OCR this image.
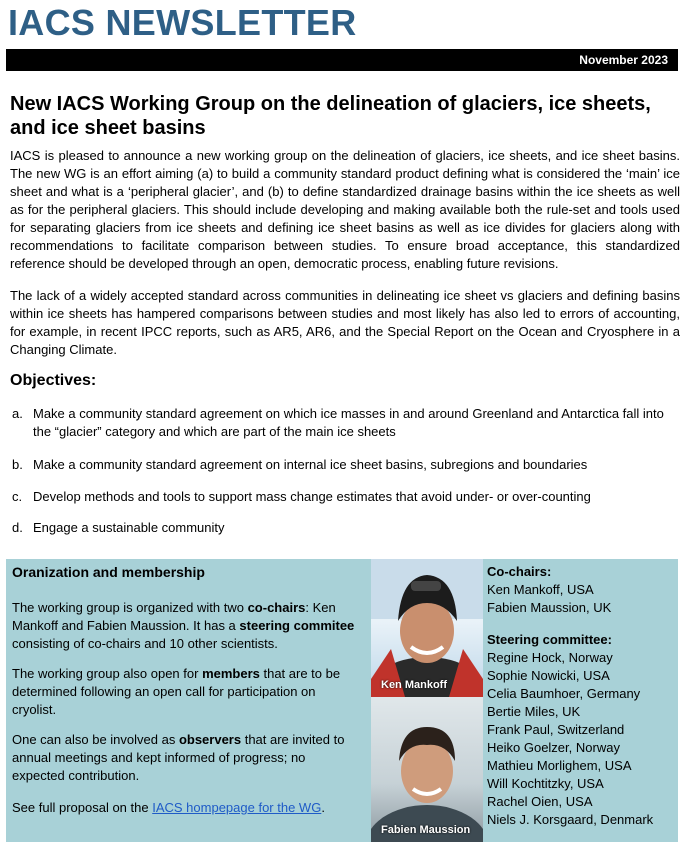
IACS NEWSLETTER
November 2023
New IACS Working Group on the delineation of glaciers, ice sheets, and ice sheet basins
IACS is pleased to announce a new working group on the delineation of glaciers, ice sheets, and ice sheet basins. The new WG is an effort aiming (a) to build a community standard product defining what is considered the ‘main’ ice sheet and what is a ‘peripheral glacier’, and (b) to define standardized drainage basins within the ice sheets as well as for the peripheral glaciers. This should include developing and making available both the rule-set and tools used for separating glaciers from ice sheets and defining ice sheet basins as well as ice divides for glaciers along with recommendations to facilitate comparison between studies. To ensure broad acceptance, this standardized reference should be developed through an open, democratic process, enabling future revisions.
The lack of a widely accepted standard across communities in delineating ice sheet vs glaciers and defining basins within ice sheets has hampered comparisons between studies and most likely has also led to errors of accounting, for example, in recent IPCC reports, such as AR5, AR6, and the Special Report on the Ocean and Cryosphere in a Changing Climate.
Objectives:
a. Make a community standard agreement on which ice masses in and around Greenland and Antarctica fall into the “glacier” category and which are part of the main ice sheets
b. Make a community standard agreement on internal ice sheet basins, subregions and boundaries
c. Develop methods and tools to support mass change estimates that avoid under- or over-counting
d. Engage a sustainable community
Oranization and membership
The working group is organized with two co-chairs: Ken Mankoff and Fabien Maussion. It has a steering commitee consisting of co-chairs and 10 other scientists.
The working group also open for members that are to be determined following an open call for participation on cryolist.
One can also be involved as observers that are invited to annual meetings and kept informed of progress; no expected contribution.
See full proposal on the IACS hompepage for the WG.
Ken Mankoff
Fabien Maussion
Co-chairs:
Ken Mankoff, USA
Fabien Maussion, UK
Steering committee:
Regine Hock, Norway
Sophie Nowicki, USA
Celia Baumhoer, Germany
Bertie Miles, UK
Frank Paul, Switzerland
Heiko Goelzer, Norway
Mathieu Morlighem, USA
Will Kochtitzky, USA
Rachel Oien, USA
Niels J. Korsgaard, Denmark
